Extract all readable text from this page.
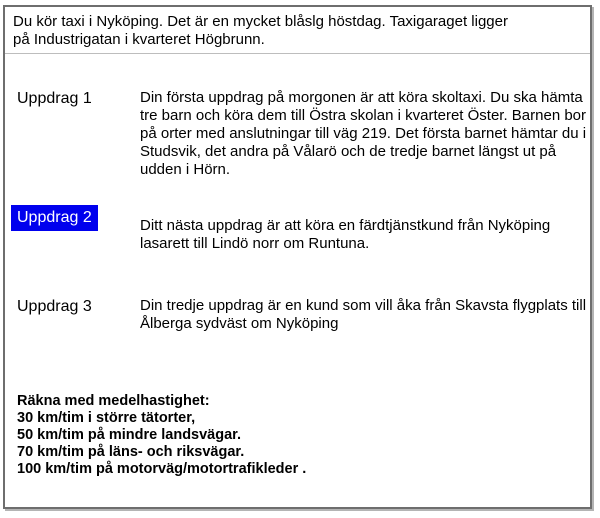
Du kör taxi i Nyköping. Det är en mycket blåslg höstdag. Taxigaraget ligger
på Industrigatan i kvarteret Högbrunn.
Uppdrag 1	Din första uppdrag på morgonen är att köra skoltaxi. Du ska hämta tre barn och köra dem till Östra skolan i kvarteret Öster. Barnen bor på orter med anslutningar till väg 219. Det första barnet hämtar du i Studsvik, det andra på Vålarö och de tredje barnet längst ut på udden i Hörn.
Uppdrag 2	Ditt nästa uppdrag är att köra en färdtjänstkund från Nyköping lasarett till Lindö norr om Runtuna.
Uppdrag 3	Din tredje uppdrag är en kund som vill åka från Skavsta flygplats till Ålberga sydväst om Nyköping
Räkna med medelhastighet:
30 km/tim i större tätorter,
50 km/tim på mindre landsvägar.
70 km/tim på läns- och riksvägar.
100 km/tim på motorväg/motortrafikleder .
